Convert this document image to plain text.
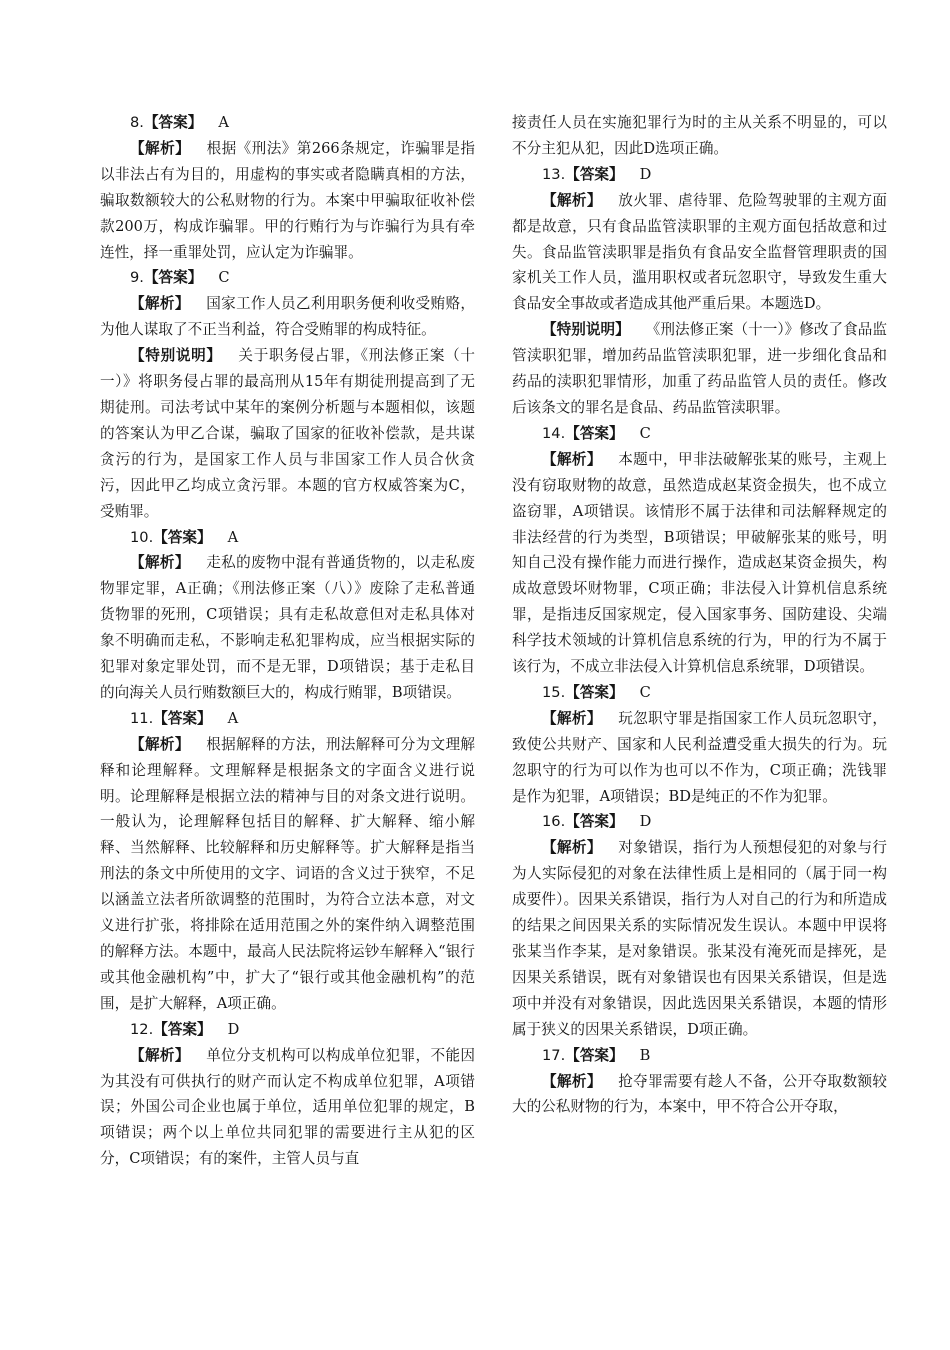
8.【答案】 A

【解析】 根据《刑法》第266条规定，诈骗罪是指以非法占有为目的，用虚构的事实或者隐瞒真相的方法，骗取数额较大的公私财物的行为。本案中甲骗取征收补偿款200万，构成诈骗罪。甲的行贿行为与诈骗行为具有牵连性，择一重罪处罚，应认定为诈骗罪。

9.【答案】 C

【解析】 国家工作人员乙利用职务便利收受贿赂，为他人谋取了不正当利益，符合受贿罪的构成特征。

【特别说明】 关于职务侵占罪，《刑法修正案（十一）》将职务侵占罪的最高刑从15年有期徒刑提高到了无期徒刑。司法考试中某年的案例分析题与本题相似，该题的答案认为甲乙合谋，骗取了国家的征收补偿款，是共谋贪污的行为，是国家工作人员与非国家工作人员合伙贪污，因此甲乙均成立贪污罪。本题的官方权威答案为C，受贿罪。

10.【答案】 A

【解析】 走私的废物中混有普通货物的，以走私废物罪定罪，A正确；《刑法修正案（八）》废除了走私普通货物罪的死刑，C项错误；具有走私故意但对走私具体对象不明确而走私，不影响走私犯罪构成，应当根据实际的犯罪对象定罪处罚，而不是无罪，D项错误；基于走私目的向海关人员行贿数额巨大的，构成行贿罪，B项错误。

11.【答案】 A

【解析】 根据解释的方法，刑法解释可分为文理解释和论理解释。文理解释是根据条文的字面含义进行说明。论理解释是根据立法的精神与目的对条文进行说明。一般认为，论理解释包括目的解释、扩大解释、缩小解释、当然解释、比较解释和历史解释等。扩大解释是指当刑法的条文中所使用的文字、词语的含义过于狭窄，不足以涵盖立法者所欲调整的范围时，为符合立法本意，对文义进行扩张，将排除在适用范围之外的案件纳入调整范围的解释方法。本题中，最高人民法院将运钞车解释入“银行或其他金融机构”中，扩大了“银行或其他金融机构”的范围，是扩大解释，A项正确。

12.【答案】 D

【解析】 单位分支机构可以构成单位犯罪，不能因为其没有可供执行的财产而认定不构成单位犯罪，A项错误；外国公司企业也属于单位，适用单位犯罪的规定，B项错误；两个以上单位共同犯罪的需要进行主从犯的区分，C项错误；有的案件，主管人员与直

接责任人员在实施犯罪行为时的主从关系不明显的，可以不分主犯从犯，因此D选项正确。

13.【答案】 D

【解析】 放火罪、虐待罪、危险驾驶罪的主观方面都是故意，只有食品监管渎职罪的主观方面包括故意和过失。食品监管渎职罪是指负有食品安全监督管理职责的国家机关工作人员，滥用职权或者玩忽职守，导致发生重大食品安全事故或者造成其他严重后果。本题选D。

【特别说明】 《刑法修正案（十一）》修改了食品监管渎职犯罪，增加药品监管渎职犯罪，进一步细化食品和药品的渎职犯罪情形，加重了药品监管人员的责任。修改后该条文的罪名是食品、药品监管渎职罪。

14.【答案】 C

【解析】 本题中，甲非法破解张某的账号，主观上没有窃取财物的故意，虽然造成赵某资金损失，也不成立盗窃罪，A项错误。该情形不属于法律和司法解释规定的非法经营的行为类型，B项错误；甲破解张某的账号，明知自己没有操作能力而进行操作，造成赵某资金损失，构成故意毁坏财物罪，C项正确；非法侵入计算机信息系统罪，是指违反国家规定，侵入国家事务、国防建设、尖端科学技术领域的计算机信息系统的行为，甲的行为不属于该行为，不成立非法侵入计算机信息系统罪，D项错误。

15.【答案】 C

【解析】 玩忽职守罪是指国家工作人员玩忽职守，致使公共财产、国家和人民利益遭受重大损失的行为。玩忽职守的行为可以作为也可以不作为，C项正确；洗钱罪是作为犯罪，A项错误；BD是纯正的不作为犯罪。

16.【答案】 D

【解析】 对象错误，指行为人预想侵犯的对象与行为人实际侵犯的对象在法律性质上是相同的（属于同一构成要件）。因果关系错误，指行为人对自己的行为和所造成的结果之间因果关系的实际情况发生误认。本题中甲误将张某当作李某，是对象错误。张某没有淹死而是摔死，是因果关系错误，既有对象错误也有因果关系错误，但是选项中并没有对象错误，因此选因果关系错误，本题的情形属于狭义的因果关系错误，D项正确。

17.【答案】 B

【解析】 抢夺罪需要有趁人不备，公开夺取数额较大的公私财物的行为，本案中，甲不符合公开夺取，
